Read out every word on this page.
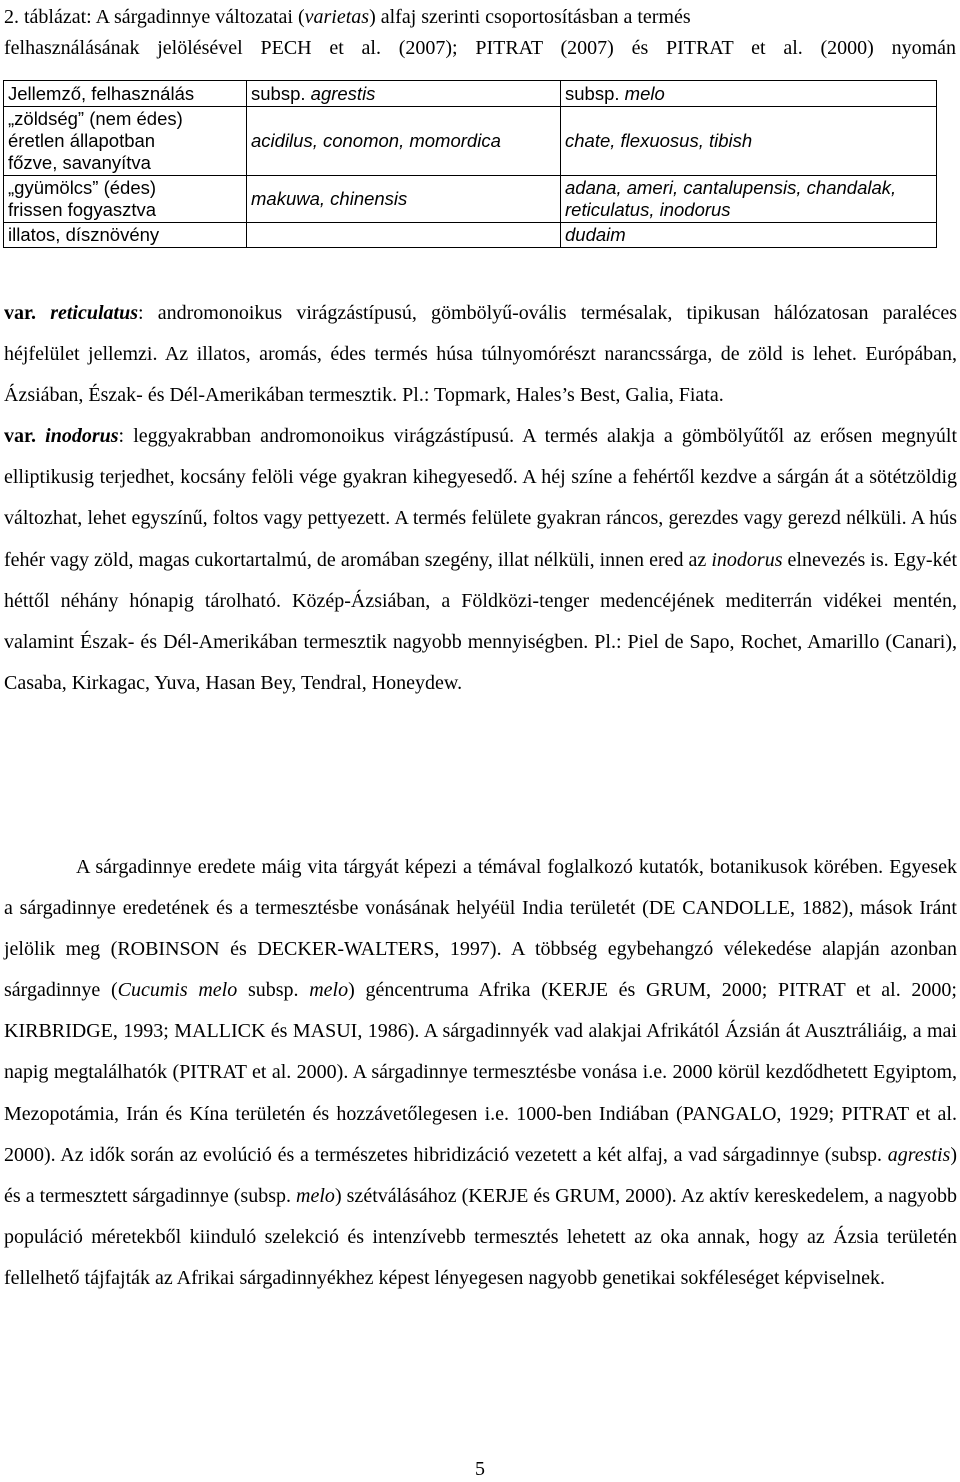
2. táblázat: A sárgadinnye változatai (varietas) alfaj szerinti csoportosításban a termés
felhasználásának jelölésével PECH et al. (2007); PITRAT (2007) és PITRAT et al. (2000) nyomán
Jellemző, felhasználás	subsp. agrestis	subsp. melo

„zöldség” (nem édes)
éretlen állapotban
főzve, savanyítva	acidilus, conomon, momordica	chate, flexuosus, tibish

„gyümölcs” (édes)
frissen fogyasztva	makuwa, chinensis	adana, ameri, cantalupensis, chandalak, reticulatus, inodorus

illatos, dísznövény		dudaim

var. reticulatus: andromonoikus virágzástípusú, gömbölyű-ovális termésalak, tipikusan hálózatosan paraléces héjfelület jellemzi. Az illatos, aromás, édes termés húsa túlnyomórészt narancssárga, de zöld is lehet. Európában, Ázsiában, Észak- és Dél-Amerikában termesztik. Pl.: Topmark, Hales’s Best, Galia, Fiata.

var. inodorus: leggyakrabban andromonoikus virágzástípusú. A termés alakja a gömbölyűtől az erősen megnyúlt elliptikusig terjedhet, kocsány felöli vége gyakran kihegyesedő. A héj színe a fehértől kezdve a sárgán át a sötétzöldig változhat, lehet egyszínű, foltos vagy pettyezett. A termés felülete gyakran ráncos, gerezdes vagy gerezd nélküli. A hús fehér vagy zöld, magas cukortartalmú, de aromában szegény, illat nélküli, innen ered az inodorus elnevezés is. Egy-két héttől néhány hónapig tárolható. Közép-Ázsiában, a Földközi-tenger medencéjének mediterrán vidékei mentén, valamint Észak- és Dél-Amerikában termesztik nagyobb mennyiségben. Pl.: Piel de Sapo, Rochet, Amarillo (Canari), Casaba, Kirkagac, Yuva, Hasan Bey, Tendral, Honeydew.

A sárgadinnye eredete máig vita tárgyát képezi a témával foglalkozó kutatók, botanikusok körében. Egyesek a sárgadinnye eredetének és a termesztésbe vonásának helyéül India területét (DE CANDOLLE, 1882), mások Iránt jelölik meg (ROBINSON és DECKER-WALTERS, 1997). A többség egybehangzó vélekedése alapján azonban sárgadinnye (Cucumis melo subsp. melo) géncentruma Afrika (KERJE és GRUM, 2000; PITRAT et al. 2000; KIRBRIDGE, 1993; MALLICK és MASUI, 1986). A sárgadinnyék vad alakjai Afrikától Ázsián át Ausztráliáig, a mai napig megtalálhatók (PITRAT et al. 2000). A sárgadinnye termesztésbe vonása i.e. 2000 körül kezdődhetett Egyiptom, Mezopotámia, Irán és Kína területén és hozzávetőlegesen i.e. 1000-ben Indiában (PANGALO, 1929; PITRAT et al. 2000). Az idők során az evolúció és a természetes hibridizáció vezetett a két alfaj, a vad sárgadinnye (subsp. agrestis) és a termesztett sárgadinnye (subsp. melo) szétválásához (KERJE és GRUM, 2000). Az aktív kereskedelem, a nagyobb populáció méretekből kiinduló szelekció és intenzívebb termesztés lehetett az oka annak, hogy az Ázsia területén fellelhető tájfajták az Afrikai sárgadinnyékhez képest lényegesen nagyobb genetikai sokféleséget képviselnek.

5
